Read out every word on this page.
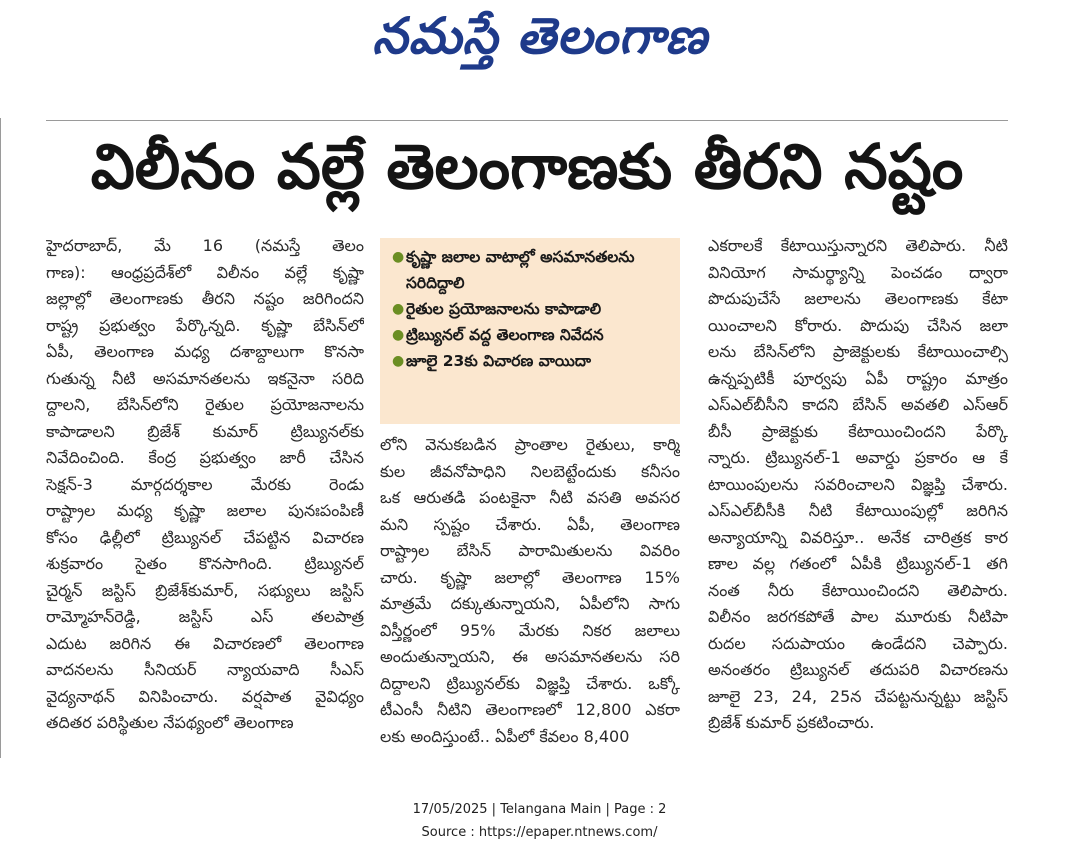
నమస్తే తెలంగాణ
విలీనం వల్లే తెలంగాణకు తీరని నష్టం

హైదరాబాద్, మే 16 (నమస్తే తెలం

గాణ): ఆంధ్రప్రదేశ్‌లో విలీనం వల్లే కృష్ణా

జల్లాల్లో తెలంగాణకు తీరని నష్టం జరిగిందని

రాష్ట్ర ప్రభుత్వం పేర్కొన్నది. కృష్ణా బేసిన్‌లో

ఏపీ, తెలంగాణ మధ్య దశాబ్దాలుగా కొనసా

గుతున్న నీటి అసమానతలను ఇకనైనా సరిది

ద్దాలని, బేసిన్‌లోని రైతుల ప్రయోజనాలను

కాపాడాలని బ్రిజేశ్ కుమార్ ట్రిబ్యునల్‌కు

నివేదించింది. కేంద్ర ప్రభుత్వం జారీ చేసిన

సెక్షన్-3 మార్గదర్శకాల మేరకు రెండు

రాష్ట్రాల మధ్య కృష్ణా జలాల పునఃపంపిణీ

కోసం ఢిల్లీలో ట్రిబ్యునల్ చేపట్టిన విచారణ

శుక్రవారం సైతం కొనసాగింది. ట్రిబ్యునల్

చైర్మన్ జస్టిస్ బ్రిజేశ్‌కుమార్, సభ్యులు జస్టిస్

రామ్మోహన్‌రెడ్డి, జస్టిస్ ఎస్ తలపాత్ర

ఎదుట జరిగిన ఈ విచారణలో తెలంగాణ

వాదనలను సీనియర్ న్యాయవాది సీఎస్

వైద్యనాథన్ వినిపించారు. వర్షపాత వైవిధ్యం

తదితర పరిస్థితుల నేపథ్యంలో తెలంగాణ

● కృష్ణా జలాల వాటాల్లో అసమానతలను సరిదిద్దాలి
● రైతుల ప్రయోజనాలను కాపాడాలి
● ట్రిబ్యునల్ వద్ద తెలంగాణ నివేదన
● జూలై 23కు విచారణ వాయిదా

లోని వెనుకబడిన ప్రాంతాల రైతులు, కార్మి

కుల జీవనోపాధిని నిలబెట్టేందుకు కనీసం

ఒక ఆరుతడి పంటకైనా నీటి వసతి అవసర

మని స్పష్టం చేశారు. ఏపీ, తెలంగాణ

రాష్ట్రాల బేసిన్ పారామితులను వివరిం

చారు. కృష్ణా జలాల్లో తెలంగాణ 15%

మాత్రమే దక్కుతున్నాయని, ఏపీలోని సాగు

విస్తీర్ణంలో 95% మేరకు నికర జలాలు

అందుతున్నాయని, ఈ అసమానతలను సరి

దిద్దాలని ట్రిబ్యునల్‌కు విజ్ఞప్తి చేశారు. ఒక్కో

టీఎంసీ నీటిని తెలంగాణలో 12,800 ఎకరా

లకు అందిస్తుంటే.. ఏపీలో కేవలం 8,400

ఎకరాలకే కేటాయిస్తున్నారని తెలిపారు. నీటి

వినియోగ సామర్థ్యాన్ని పెంచడం ద్వారా

పొదుపుచేసే జలాలను తెలంగాణకు కేటా

యించాలని కోరారు. పొదుపు చేసిన జలా

లను బేసిన్‌లోని ప్రాజెక్టులకు కేటాయించాల్సి

ఉన్నప్పటికీ పూర్వపు ఏపీ రాష్ట్రం మాత్రం

ఎస్ఎల్‌బీసీని కాదని బేసిన్ అవతలి ఎస్ఆర్

బీసీ ప్రాజెక్టుకు కేటాయించిందని పేర్కొ

న్నారు. ట్రిబ్యునల్-1 అవార్డు ప్రకారం ఆ కే

టాయింపులను సవరించాలని విజ్ఞప్తి చేశారు.

ఎస్ఎల్‌బీసీకి నీటి కేటాయింపుల్లో జరిగిన

అన్యాయాన్ని వివరిస్తూ.. అనేక చారిత్రక కార

ణాల వల్ల గతంలో ఏపీకి ట్రిబ్యునల్-1 తగి

నంత నీరు కేటాయించిందని తెలిపారు.

విలీనం జరగకపోతే పాల మూరుకు నీటిపా

రుదల సదుపాయం ఉండేదని చెప్పారు.

అనంతరం ట్రిబ్యునల్ తదుపరి విచారణను

జూలై 23, 24, 25న చేపట్టనున్నట్టు జస్టిస్

బ్రిజేశ్ కుమార్ ప్రకటించారు.

17/05/2025 | Telangana Main | Page : 2
Source : https://epaper.ntnews.com/
